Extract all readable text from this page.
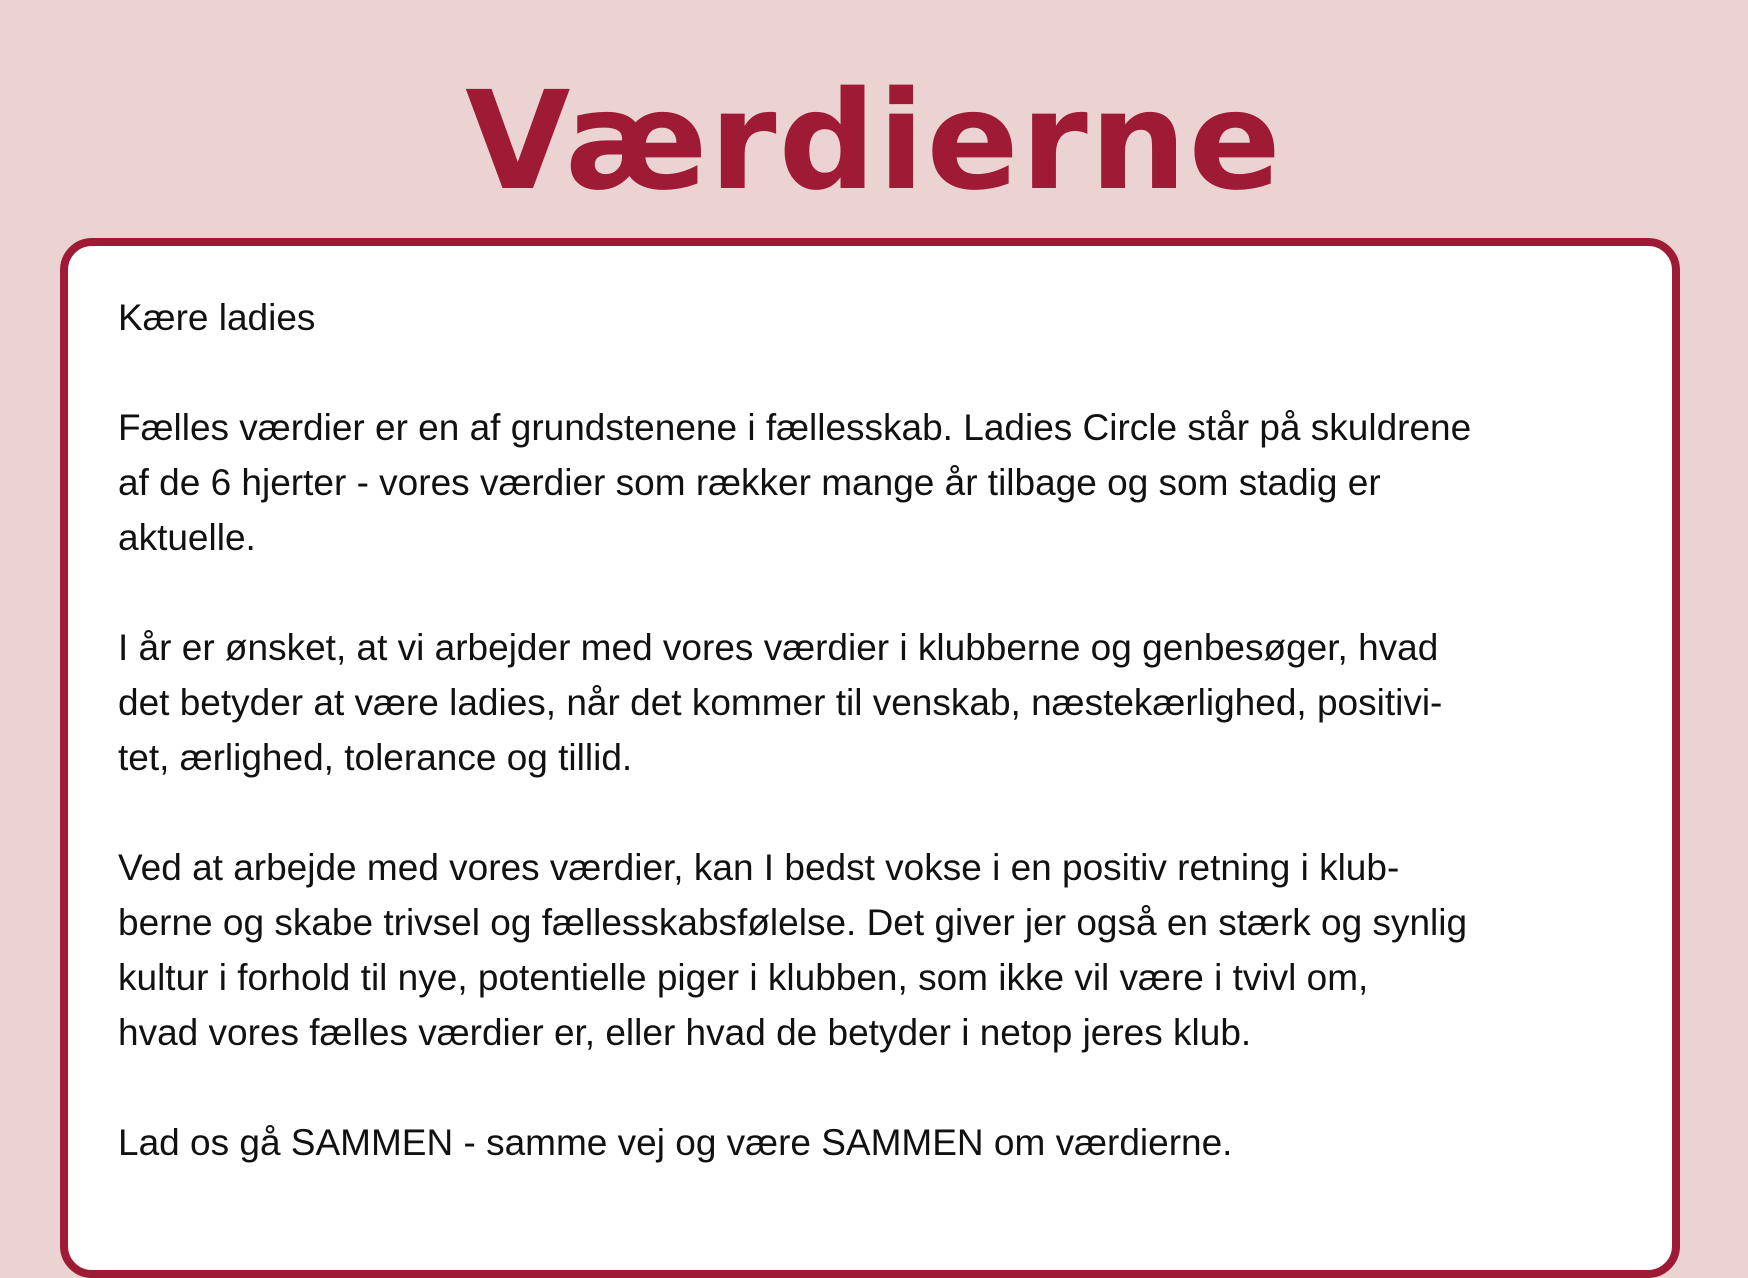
Værdierne

Kære ladies

Fælles værdier er en af grundstenene i fællesskab. Ladies Circle står på skuldrene
af de 6 hjerter - vores værdier som rækker mange år tilbage og som stadig er
aktuelle.

I år er ønsket, at vi arbejder med vores værdier i klubberne og genbesøger, hvad
det betyder at være ladies, når det kommer til venskab, næstekærlighed, positivi-
tet, ærlighed, tolerance og tillid.

Ved at arbejde med vores værdier, kan I bedst vokse i en positiv retning i klub-
berne og skabe trivsel og fællesskabsfølelse. Det giver jer også en stærk og synlig
kultur i forhold til nye, potentielle piger i klubben, som ikke vil være i tvivl om,
hvad vores fælles værdier er, eller hvad de betyder i netop jeres klub.

Lad os gå SAMMEN - samme vej og være SAMMEN om værdierne.
